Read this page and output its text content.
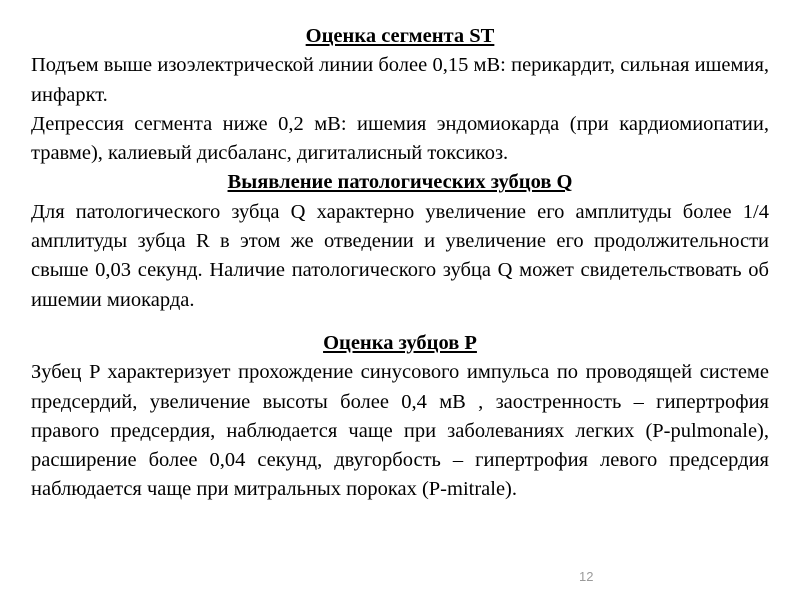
Оценка сегмента ST

Подъем выше изоэлектрической линии более 0,15 мВ: перикардит, сильная ишемия, инфаркт.

Депрессия сегмента ниже 0,2 мВ: ишемия эндомиокарда (при кардиомиопатии, травме), калиевый дисбаланс, дигиталисный токсикоз.

Выявление патологических зубцов Q

Для патологического зубца Q характерно увеличение его амплитуды более 1/4 амплитуды зубца R в этом же отведении и увеличение его продолжительности свыше 0,03 секунд. Наличие патологического зубца Q может свидетельствовать об ишемии миокарда.

Оценка зубцов P

Зубец P характеризует прохождение синусового импульса по проводящей системе предсердий, увеличение высоты более 0,4 мВ , заостренность – гипертрофия правого предсердия, наблюдается чаще при заболеваниях легких (P-pulmonale), расширение более 0,04 секунд, двугорбость – гипертрофия левого предсердия наблюдается чаще при митральных пороках (P-mitrale).

12
